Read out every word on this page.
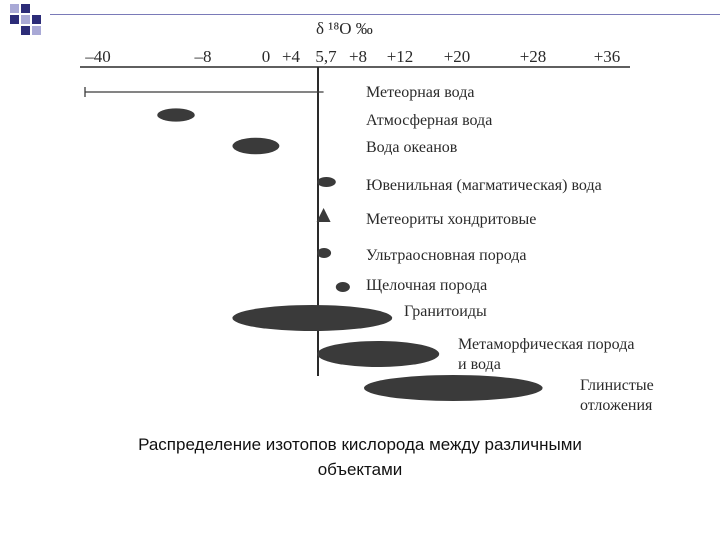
δ ¹⁸O ‰
–40	–8	0 +4 5,7 +8 +12 +20	+28	+36
Метеорная вода
Атмосферная вода
Вода океанов
Ювенильная (магматическая) вода
Метеориты хондритовые
Ультраосновная порода
Щелочная порода
Гранитоиды
Метаморфическая порода
и вода
Глинистые
отложения
Распределение изотопов кислорода между различными
объектами
